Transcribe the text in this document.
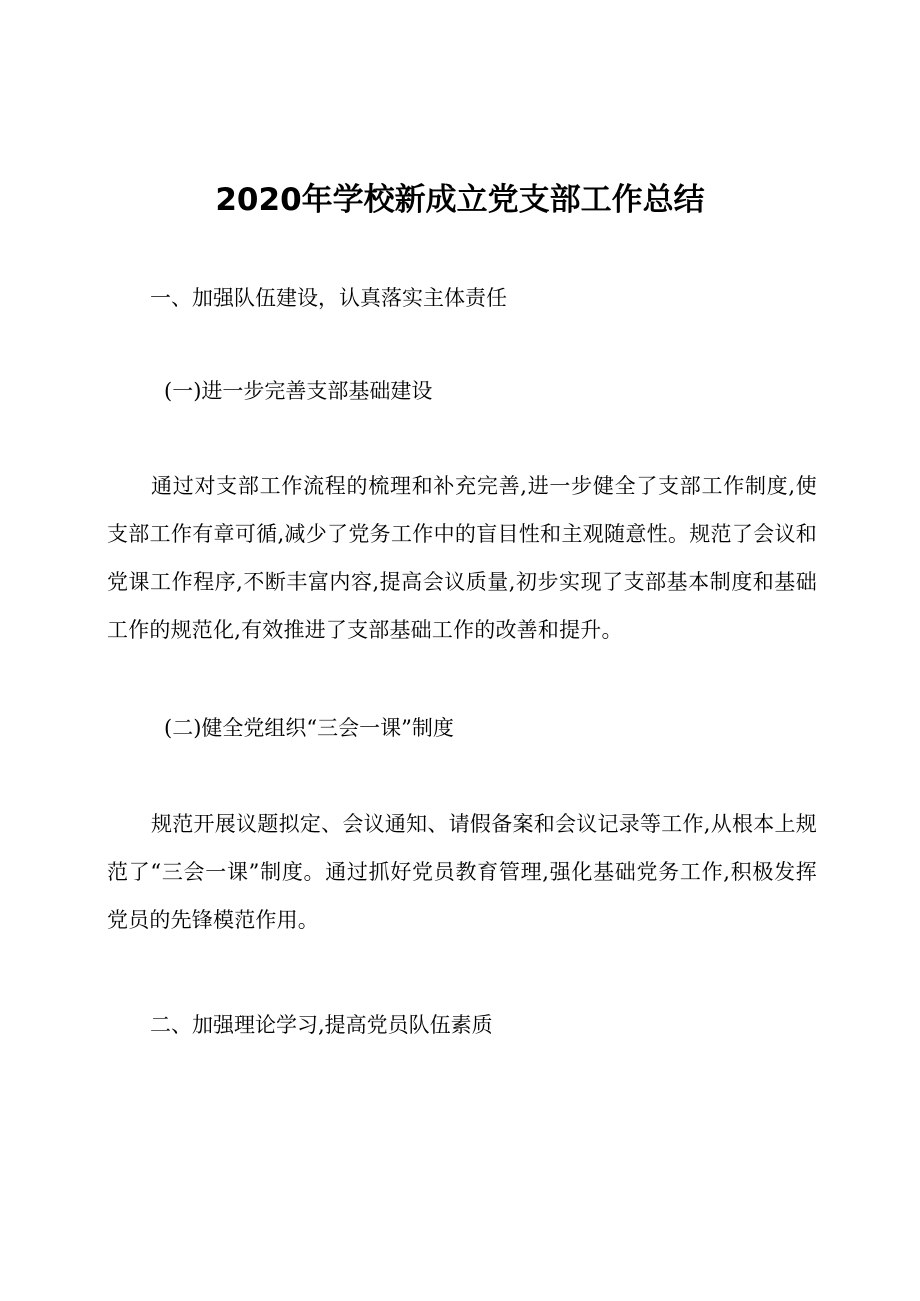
2020年学校新成立党支部工作总结

一、加强队伍建设，认真落实主体责任

(一)进一步完善支部基础建设

通过对支部工作流程的梳理和补充完善,进一步健全了支部工作制度,使支部工作有章可循,减少了党务工作中的盲目性和主观随意性。规范了会议和党课工作程序,不断丰富内容,提高会议质量,初步实现了支部基本制度和基础工作的规范化,有效推进了支部基础工作的改善和提升。

(二)健全党组织“三会一课”制度

规范开展议题拟定、会议通知、请假备案和会议记录等工作,从根本上规范了“三会一课”制度。通过抓好党员教育管理,强化基础党务工作,积极发挥党员的先锋模范作用。

二、加强理论学习,提高党员队伍素质
